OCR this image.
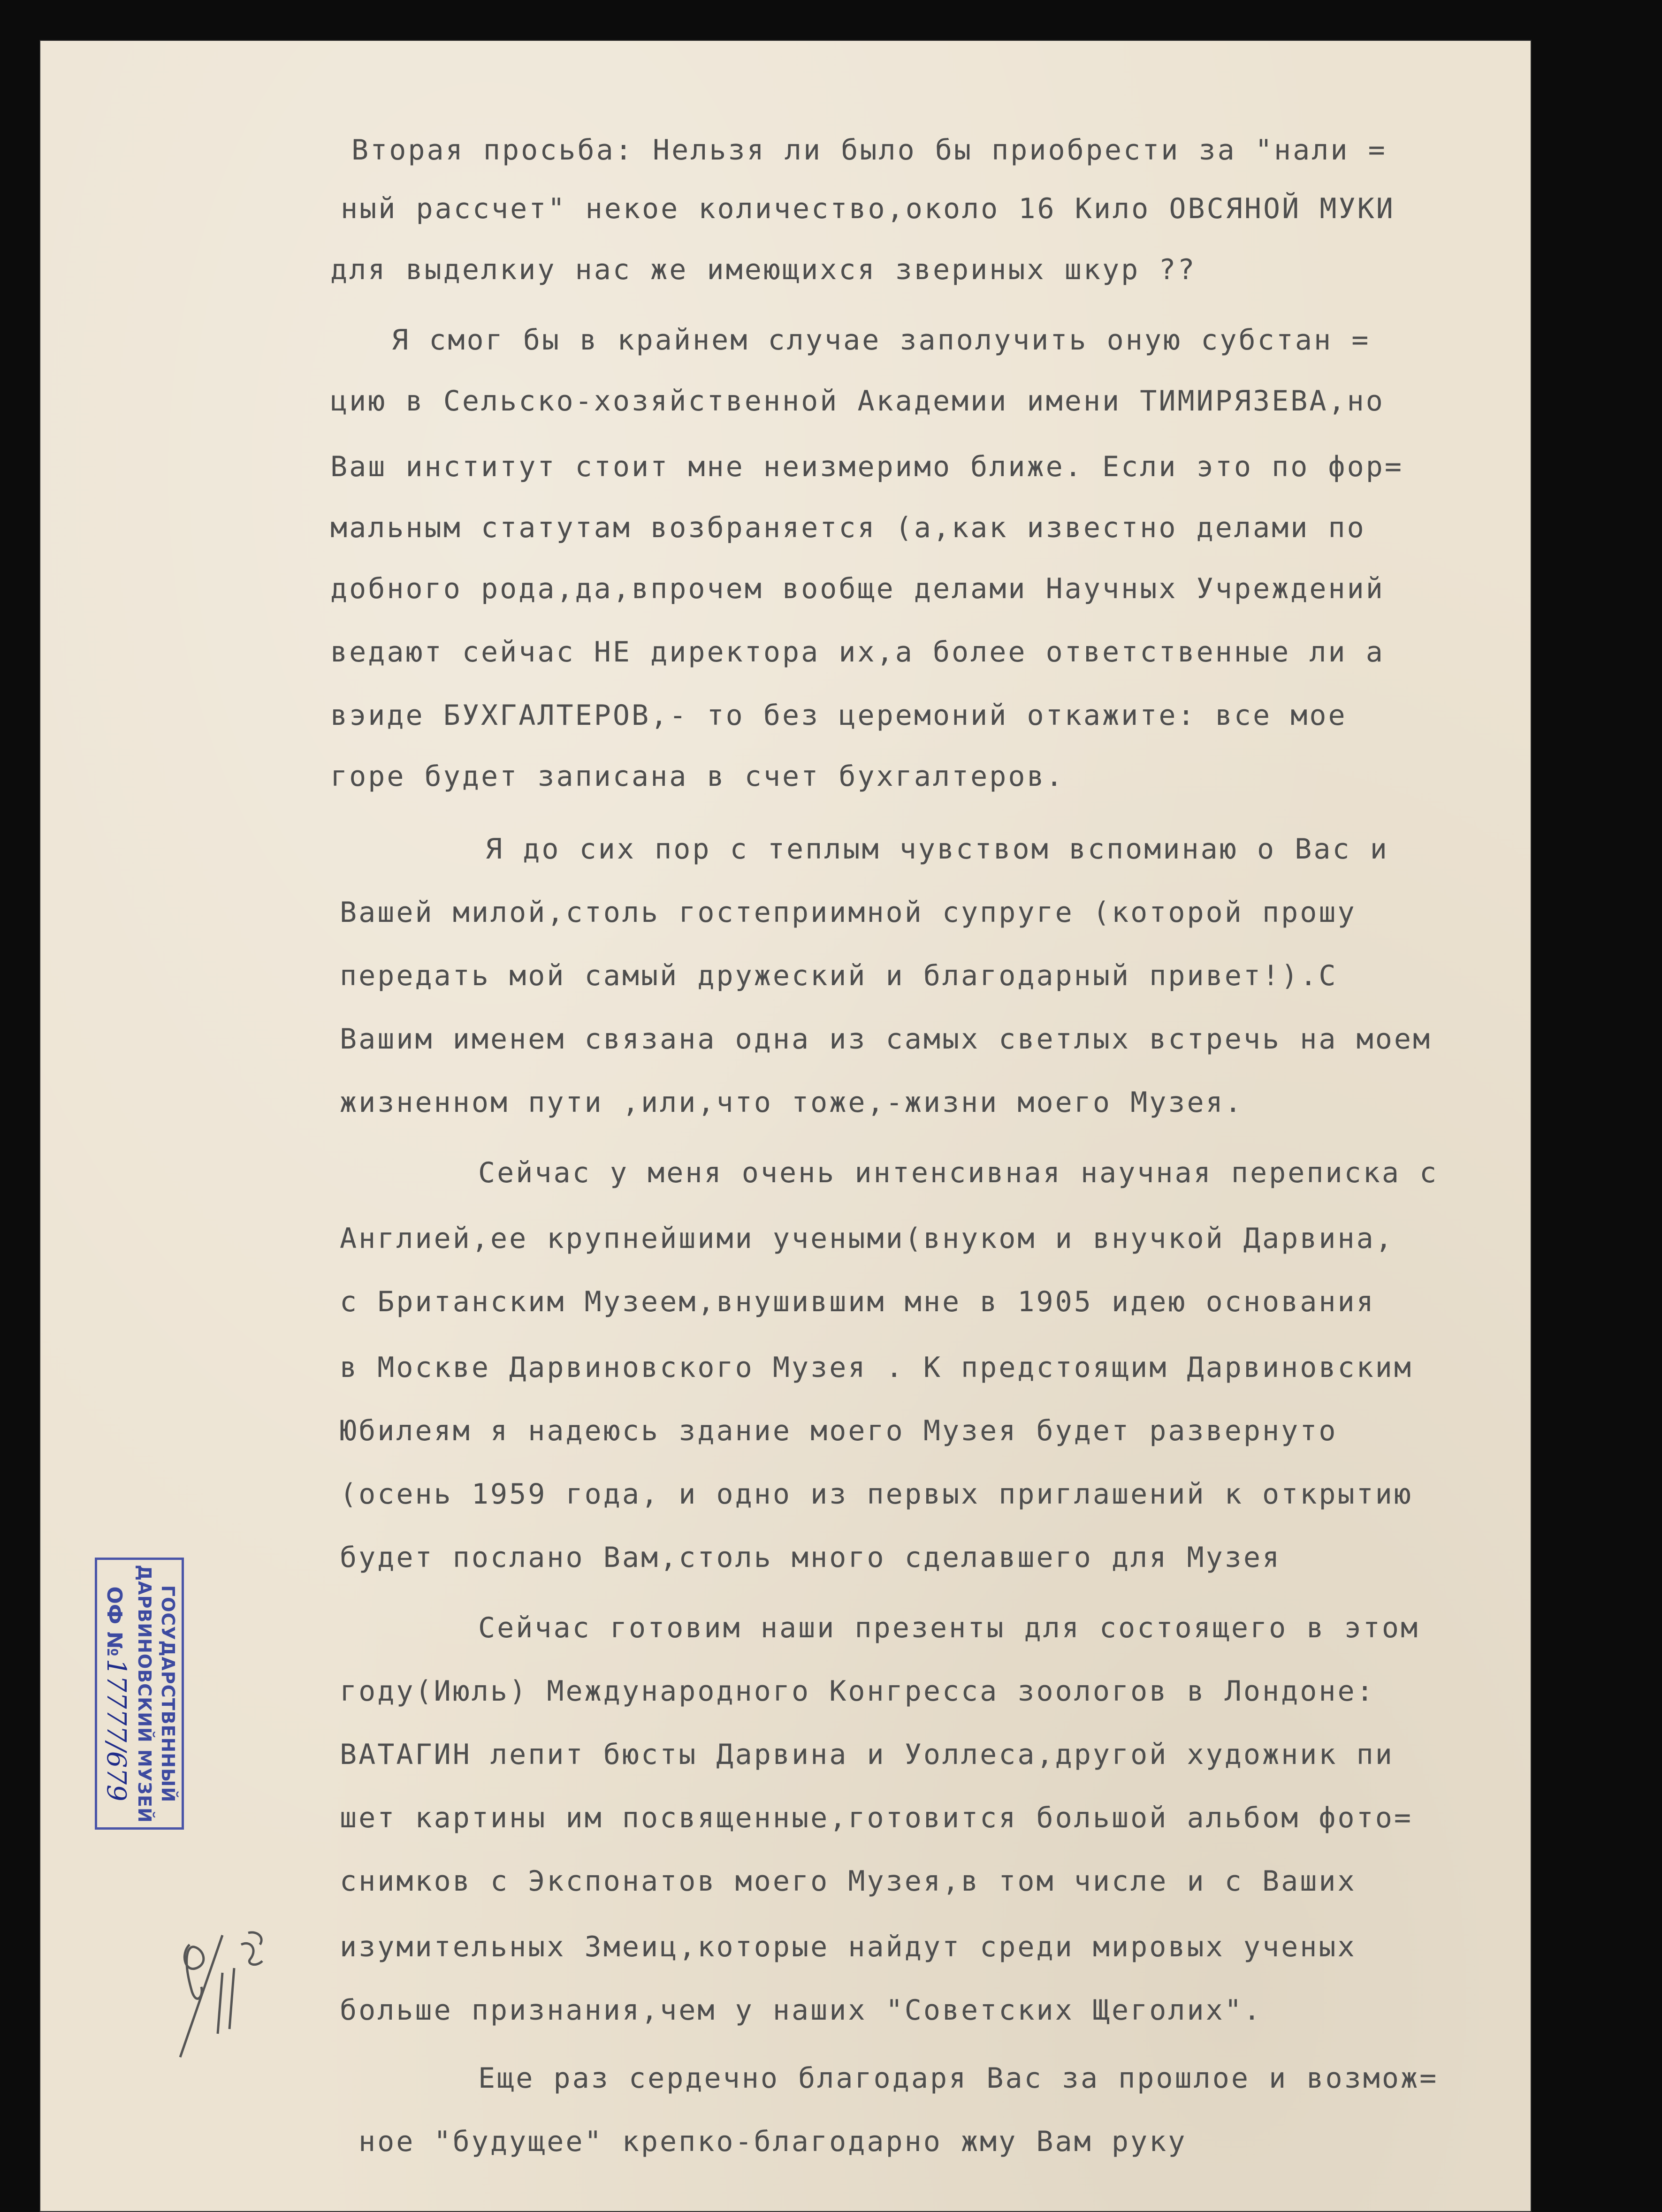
Вторая просьба: Нельзя ли было бы приобрести за "нали =
ный рассчет" некое количество,около 16 Кило ОВСЯНОЙ МУКИ
для выделкиу нас же имеющихся звериных шкур ??
Я смог бы в крайнем случае заполучить оную субстан =
цию в Сельско-хозяйственной Академии имени ТИМИРЯЗЕВА,но
Ваш институт стоит мне неизмеримо ближе. Если это по фор=
мальным статутам возбраняется (а,как известно делами по
добного рода,да,впрочем вообще делами Научных Учреждений
ведают сейчас НЕ директора их,а более ответственные ли а
вэиде БУХГАЛТЕРОВ,- то без церемоний откажите: все мое
горе будет записана в счет бухгалтеров.
Я до сих пор с теплым чувством вспоминаю о Вас и
Вашей милой,столь гостеприимной супруге (которой прошу
передать мой самый дружеский и благодарный привет!).С
Вашим именем связана одна из самых светлых встречь на моем
жизненном пути ,или,что тоже,-жизни моего Музея.
Сейчас у меня очень интенсивная научная переписка с
Англией,ее крупнейшими учеными(внуком и внучкой Дарвина,
с Британским Музеем,внушившим мне в 1905 идею основания
в Москве Дарвиновского Музея . К предстоящим Дарвиновским
Юбилеям я надеюсь здание моего Музея будет развернуто
(осень 1959 года, и одно из первых приглашений к открытию
будет послано Вам,столь много сделавшего для Музея
Сейчас готовим наши презенты для состоящего в этом
году(Июль) Международного Конгресса зоологов в Лондоне:
ВАТАГИН лепит бюсты Дарвина и Уоллеса,другой художник пи
шет картины им посвященные,готовится большой альбом фото=
снимков с Экспонатов моего Музея,в том числе и с Ваших
изумительных Змеиц,которые найдут среди мировых ученых
больше признания,чем у наших "Советских Щеголих".
Еще раз сердечно благодаря Вас за прошлое и возмож=
ное "будущее" крепко-благодарно жму Вам руку
ГОСУДАРСТВЕННЫЙ
ДАРВИНОВСКИЙ МУЗЕЙ
ОФ № 17777/679
